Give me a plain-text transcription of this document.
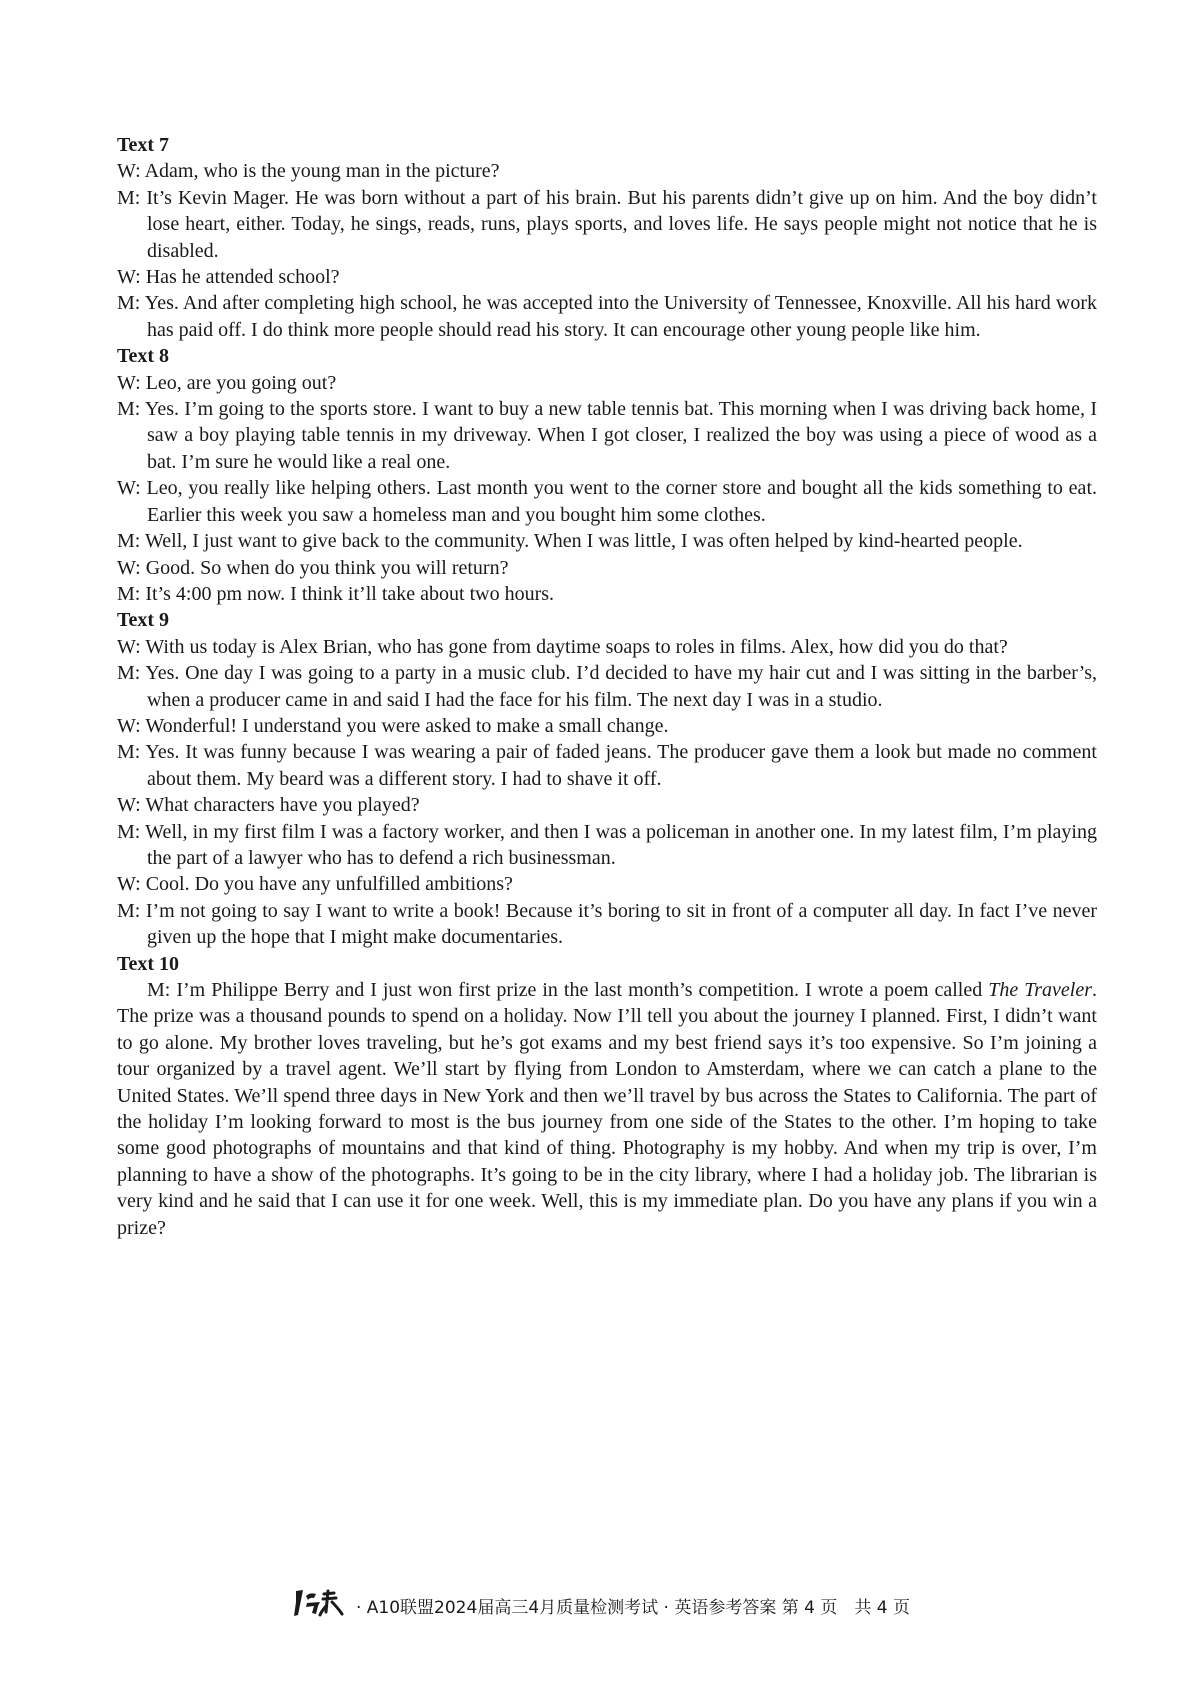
Text 7

W: Adam, who is the young man in the picture?

M: It’s Kevin Mager. He was born without a part of his brain. But his parents didn’t give up on him. And the boy didn’t lose heart, either. Today, he sings, reads, runs, plays sports, and loves life. He says people might not notice that he is disabled.

W: Has he attended school?

M: Yes. And after completing high school, he was accepted into the University of Tennessee, Knoxville. All his hard work has paid off. I do think more people should read his story. It can encourage other young people like him.

Text 8

W: Leo, are you going out?

M: Yes. I’m going to the sports store. I want to buy a new table tennis bat. This morning when I was driving back home, I saw a boy playing table tennis in my driveway. When I got closer, I realized the boy was using a piece of wood as a bat. I’m sure he would like a real one.

W: Leo, you really like helping others. Last month you went to the corner store and bought all the kids something to eat. Earlier this week you saw a homeless man and you bought him some clothes.

M: Well, I just want to give back to the community. When I was little, I was often helped by kind-hearted people.

W: Good. So when do you think you will return?

M: It’s 4:00 pm now. I think it’ll take about two hours.

Text 9

W: With us today is Alex Brian, who has gone from daytime soaps to roles in films. Alex, how did you do that?

M: Yes. One day I was going to a party in a music club. I’d decided to have my hair cut and I was sitting in the barber’s, when a producer came in and said I had the face for his film. The next day I was in a studio.

W: Wonderful! I understand you were asked to make a small change.

M: Yes. It was funny because I was wearing a pair of faded jeans. The producer gave them a look but made no comment about them. My beard was a different story. I had to shave it off.

W: What characters have you played?

M: Well, in my first film I was a factory worker, and then I was a policeman in another one. In my latest film, I’m playing the part of a lawyer who has to defend a rich businessman.

W: Cool. Do you have any unfulfilled ambitions?

M: I’m not going to say I want to write a book! Because it’s boring to sit in front of a computer all day. In fact I’ve never given up the hope that I might make documentaries.

Text 10

M: I’m Philippe Berry and I just won first prize in the last month’s competition. I wrote a poem called The Traveler. The prize was a thousand pounds to spend on a holiday. Now I’ll tell you about the journey I planned. First, I didn’t want to go alone. My brother loves traveling, but he’s got exams and my best friend says it’s too expensive. So I’m joining a tour organized by a travel agent. We’ll start by flying from London to Amsterdam, where we can catch a plane to the United States. We’ll spend three days in New York and then we’ll travel by bus across the States to California. The part of the holiday I’m looking forward to most is the bus journey from one side of the States to the other. I’m hoping to take some good photographs of mountains and that kind of thing. Photography is my hobby. And when my trip is over, I’m planning to have a show of the photographs. It’s going to be in the city library, where I had a holiday job. The librarian is very kind and he said that I can use it for one week. Well, this is my immediate plan. Do you have any plans if you win a prize?

· A10联盟2024届高三4月质量检测考试 · 英语参考答案 第 4 页　共 4 页
